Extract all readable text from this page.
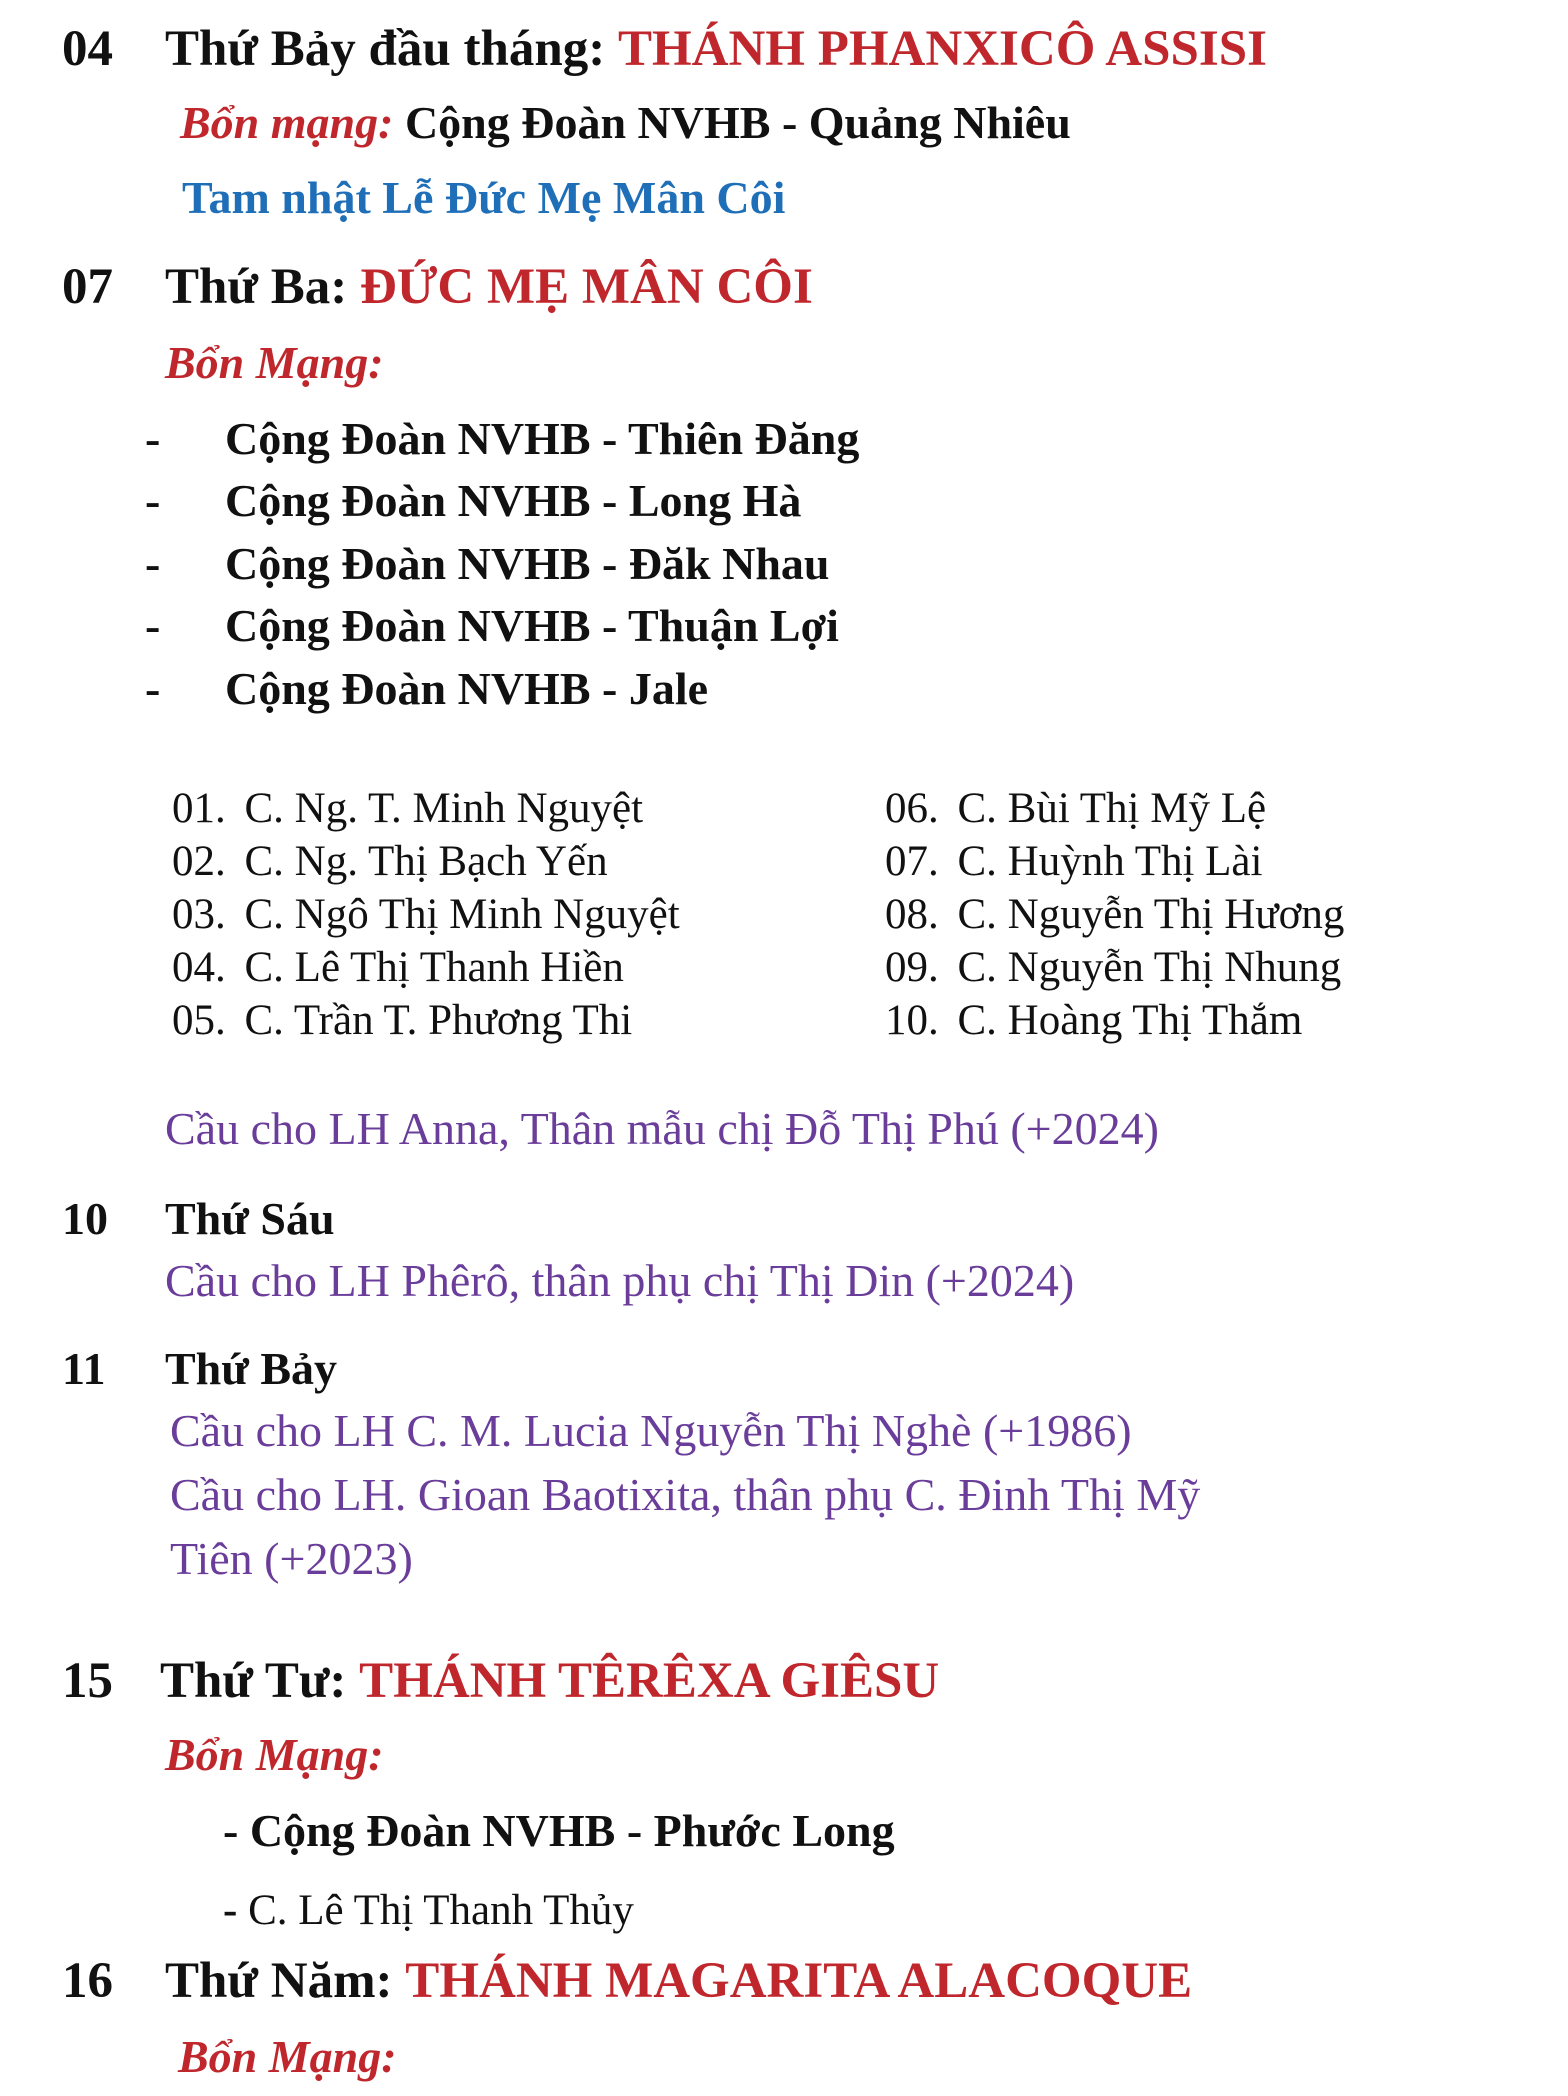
04 Thứ Bảy đầu tháng: THÁNH PHANXICÔ ASSISI
Bổn mạng: Cộng Đoàn NVHB - Quảng Nhiêu
Tam nhật Lễ Đức Mẹ Mân Côi
07 Thứ Ba: ĐỨC MẸ MÂN CÔI
Bổn Mạng:
- Cộng Đoàn NVHB - Thiên Đăng
- Cộng Đoàn NVHB - Long Hà
- Cộng Đoàn NVHB - Đăk Nhau
- Cộng Đoàn NVHB - Thuận Lợi
- Cộng Đoàn NVHB - Jale
01. C. Ng. T. Minh Nguyệt
02. C. Ng. Thị Bạch Yến
03. C. Ngô Thị Minh Nguyệt
04. C. Lê Thị Thanh Hiền
05. C. Trần T. Phương Thi
06. C. Bùi Thị Mỹ Lệ
07. C. Huỳnh Thị Lài
08. C. Nguyễn Thị Hương
09. C. Nguyễn Thị Nhung
10. C. Hoàng Thị Thắm
Cầu cho LH Anna, Thân mẫu chị Đỗ Thị Phú (+2024)
10 Thứ Sáu
Cầu cho LH Phêrô, thân phụ chị Thị Din (+2024)
11 Thứ Bảy
Cầu cho LH C. M. Lucia Nguyễn Thị Nghè (+1986)
Cầu cho LH. Gioan Baotixita, thân phụ C. Đinh Thị Mỹ
Tiên (+2023)
15 Thứ Tư: THÁNH TÊRÊXA GIÊSU
Bổn Mạng:
- Cộng Đoàn NVHB - Phước Long
- C. Lê Thị Thanh Thủy
16 Thứ Năm: THÁNH MAGARITA ALACOQUE
Bổn Mạng:
